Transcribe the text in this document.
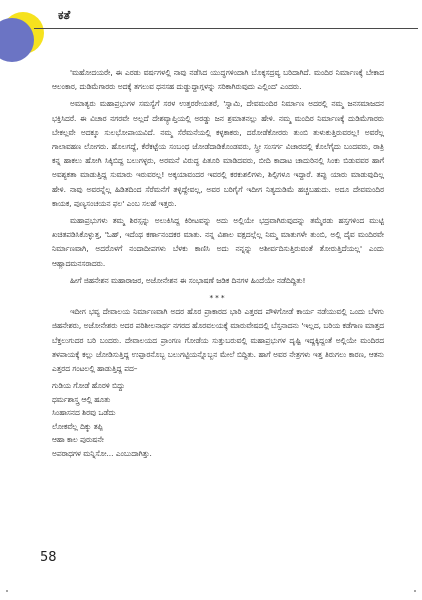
ಕತೆ

'ಮಹೋದಯರೇ, ಈ ಎರಡು ವರ್ಷಗಳಲ್ಲಿ ನಾವು ನಡೆಸಿದ ಯುದ್ಧಗಳಿಂದಾಗಿ ಬೊಕ್ಕಸದ್ರವ್ಯ ಬರಿದಾಗಿದೆ. ಮಂದಿರ ನಿರ್ಮಾಣಕ್ಕೆ ಬೇಕಾದ ಆಲಂಕಾರ, ದುಡಿಮೆಗಾರರು ಅದಕ್ಕೆ ತಗಲುವ ಧನಸಹ ದುಡ್ಡುದ್ದಾಗ್ಗಳನ್ನು ಸರಿಕಾಗಿರುವುದು ಎಲ್ಲಿಂದ' ಎಂದರು.

ಅಮಾತ್ಯರು ಮಹಾಪ್ರಭುಗಳ ಸಮಸ್ಯೆಗೆ ಸರಳ ಉತ್ತರರೇಯತರೆ, 'ಸ್ವಾಮಿ, ದೇವಮಂದಿರ ನಿರ್ಮಾಣ ಅದರಲ್ಲಿ ನಮ್ಮ ಜನಸಮಾಜದನ ಭಕ್ತಿಸಿದರೆ. ಈ ವಿಚಾರ ನಗರವೇ ಅಲ್ಲದೆ ದೇಶವ್ಯಾಪ್ತಿಯಲ್ಲಿ ಅರಡ್ಡು ಜನ ಶ್ರಮಾತನಲ್ಲು ಹೇಳಿ. ನಮ್ಮ ಮಂದಿರ ನಿರ್ಮಾಣಕ್ಕೆ ದುಡಿಮೆಗಾರರು ಬೇಕಲ್ಲವೇ ಅದಕ್ಕೂ ಸುಲಭೋಪಾಯವಿದೆ. ನಮ್ಮ ಸೆರೆಮನೆಯಲ್ಲಿ ಕಳ್ಳಕಾಕರು, ದರೋಡೆಕೋರರು ತುಂಬಿ ತುಳುಕುತ್ತಿರುವರಲ್ಲ! ಅವರೆಲ್ಲ ಗಾಲಾವಹಣ ಲೋಗರು. ಹೊಲಗದ್ದೆ, ಕೆರೆಕಟ್ಟೆಯ ಸಂಬಂಧ ಜೋಡೆದಾಡಿಕೊಂಡವರು, ಸ್ತ್ರೀ ಸಂಸರ್ಗ ವಿಚಾರದಲ್ಲಿ ಕೊಲೆಗೈದು ಬಂದವರು, ರಾತ್ರಿ ಕನ್ನ ಹಾಕಲು ಹೋಗಿ ಸಿಕ್ಕಿಬಿದ್ದ ಬಲುಗಳ್ಳರು, ಅರಮನೆ ವಿರುದ್ಧ ಪಿತೂರಿ ಮಾಡಿದವರು, ಬೀದಿ ಕಾದಾಟ ಚಾದುರಿನಲ್ಲಿ ಸಿಂಕು ಬಿಡುವವರ ಹಾಗೆ ಅವಶ್ಯಕತಾ ಮಾಡುತ್ತಿದ್ದ ಸುಮಾರು ಇರುವರಲ್ಲ! ಅಕ್ಕಯಾವಂದರ ಇವರಲ್ಲಿ ಕರಕುಶಲಿಗಳು, ಶಿಲ್ಪಿಗಳೂ ಇದ್ದಾರೆ. ತಪ್ಪು ಯಾರು ಮಾಡುವುದಿಲ್ಲ ಹೇಳಿ. ನಾವು ಅವರನ್ನೆಲ್ಲ ಹಿಡಿತದಿಂದ ಸೆರೆಮನೆಗೆ ತಳ್ಳಿದ್ದೇವಲ್ಲ, ಅವರ ಬರಿಗೈಗೆ ಇದೀಗ ನಿತ್ಯದುಡಿಮೆ ಹಚ್ಚಬಹುದು. ಅದೂ ದೇವಮಂದಿರ ಕಾಯಕ, ಪುಣ್ಯಸಂಚಯನ ಫಲ' ಎಂಬ ಸಲಹೆ ಇತ್ತರು.

ಮಹಾಪ್ರಭುಗಳು ತಮ್ಮ ಶಿರಸ್ಸನ್ನು ಅಲುಕಿಸಿದ್ದ ಕಿರೀಟವನ್ನು ಅದು ಅಲ್ಲಿಯೇ ಭದ್ರವಾಗಿರುವುದನ್ನು ತಮ್ಮೆರಡು ಹಸ್ತಗಳಿಂದ ಮುಟ್ಟಿ ಖಚಿತಪಡಿಸಿಕೊಳ್ಳುತ್ತ, 'ಓಹ್, ಇದೆಂಥ ಕರ್ಣಾನಂದಕರ ಮಾತು. ನನ್ನ ವಿಶಾಲ ವಕ್ಷದಲ್ಲೆಲ್ಲ ನಿಮ್ಮ ಮಾತುಗಳೇ ತುಂಬಿ, ಅಲ್ಲಿ ದೈವ ಮಂದಿರವೇ ನಿರ್ಮಾಣವಾಗಿ, ಅದರೊಳಗೆ ನಂದಾದೀಪಗಳು ಬೆಳಕು ಕಾಣಿಸಿ ಅದು ನನ್ನನ್ನು ಅಶೀರ್ವದಿಸುತ್ತಿರುವಂತೆ ತೋರುತ್ತಿದೆಯಲ್ಲ' ಎಂದು ಆಹ್ಲಾದಮನಸರಾದರು.

ಹೀಗೆ ಜಿಹನೇಶನ ಮಹಾರಾಜರ, ಅಜೋನೇಶನ ಈ ಸಂಭಾಷಣೆ ಜಡಿಕ ದಿನಗಳ ಹಿಂದೆಯೇ ನಡೆದಿದ್ದಿತು!

***

ಇದೀಗ ಭವ್ಯ ದೇವಾಲಯ ನಿರ್ಮಾಣವಾಗಿ ಅದರ ಹೊರ ಪ್ರಾಕಾರದ ಭಾರಿ ಎತ್ತರದ ಪೌಳಿಗೋಡೆ ಕಾರ್ಯ ನಡೆಯುವಲ್ಲಿ ಒಂದು ಬೆಳಗು ಜಿಹನೇಶರು, ಅಜೋನೇಶರು ಅದರ ಪರಿಶೀಲನಾರ್ಥ ನಗರದ ಹೊರವಲಯಕ್ಕೆ ಮಾರುವೇಷದಲ್ಲಿ ಬೆಸ್ತನಾದನು 'ಇಲ್ಲದ, ಬರಿಯ ಕಡೆಗಾಣ ಮಾತ್ತದ ಬೆಕ್ತಲುಗುದರ ಬರಿ ಬಂದರು. ದೇವಾಲಯದ ಪ್ರಾಂಗಣ ಗೋಡೆಯ ಸುತ್ತುಬರುವಲ್ಲಿ ಮಹಾಪ್ರಭುಗಳ ದೃಷ್ಟಿ ಇದ್ದಕ್ಕಿದ್ದಂತೆ ಅಲ್ಲಿಯೇ ಮಂದಿರದ ತಳಪಾಯಕ್ಕೆ ಕಲ್ಲು ಜೋಡಿಸುತ್ತಿದ್ದ ಉಪ್ಪಾರನೊಬ್ಬ ಬಲುಗಟ್ಟಿಯನ್ನೊಬ್ಬನ ಮೇಲೆ ಬಿದ್ದಿತು. ಹಾಗೆ ಅವರ ನೇತ್ರಗಳು ಇತ್ತ ತಿರುಗಲು ಕಾರಣ, ಆತನು ಎತ್ತರದ ಗಂಟಲಲ್ಲಿ ಹಾಡುತ್ತಿದ್ದ ಪದ–

ಗುಡಿಯ ಗೋಡೆ ಹೊರಳಿ ಬಿದ್ದು
ಧರ್ಮಶಾಸ್ತ್ರ ಆಲ್ಲಿ ಹೂತು
ಸಿಂಹಾಸನದ ಶಿರವು ಒಡೆದು
ಲೋಕವೆಲ್ಲ ದಿಕ್ಕು ತಪ್ಪಿ
ಆಹಾ ಕಾಲ ಪುರುಷನೇ
ಅಪರಾಧಗಳ ಮನ್ನಿಸೋ... ಎಂಬುದಾಗಿತ್ತು.
58
